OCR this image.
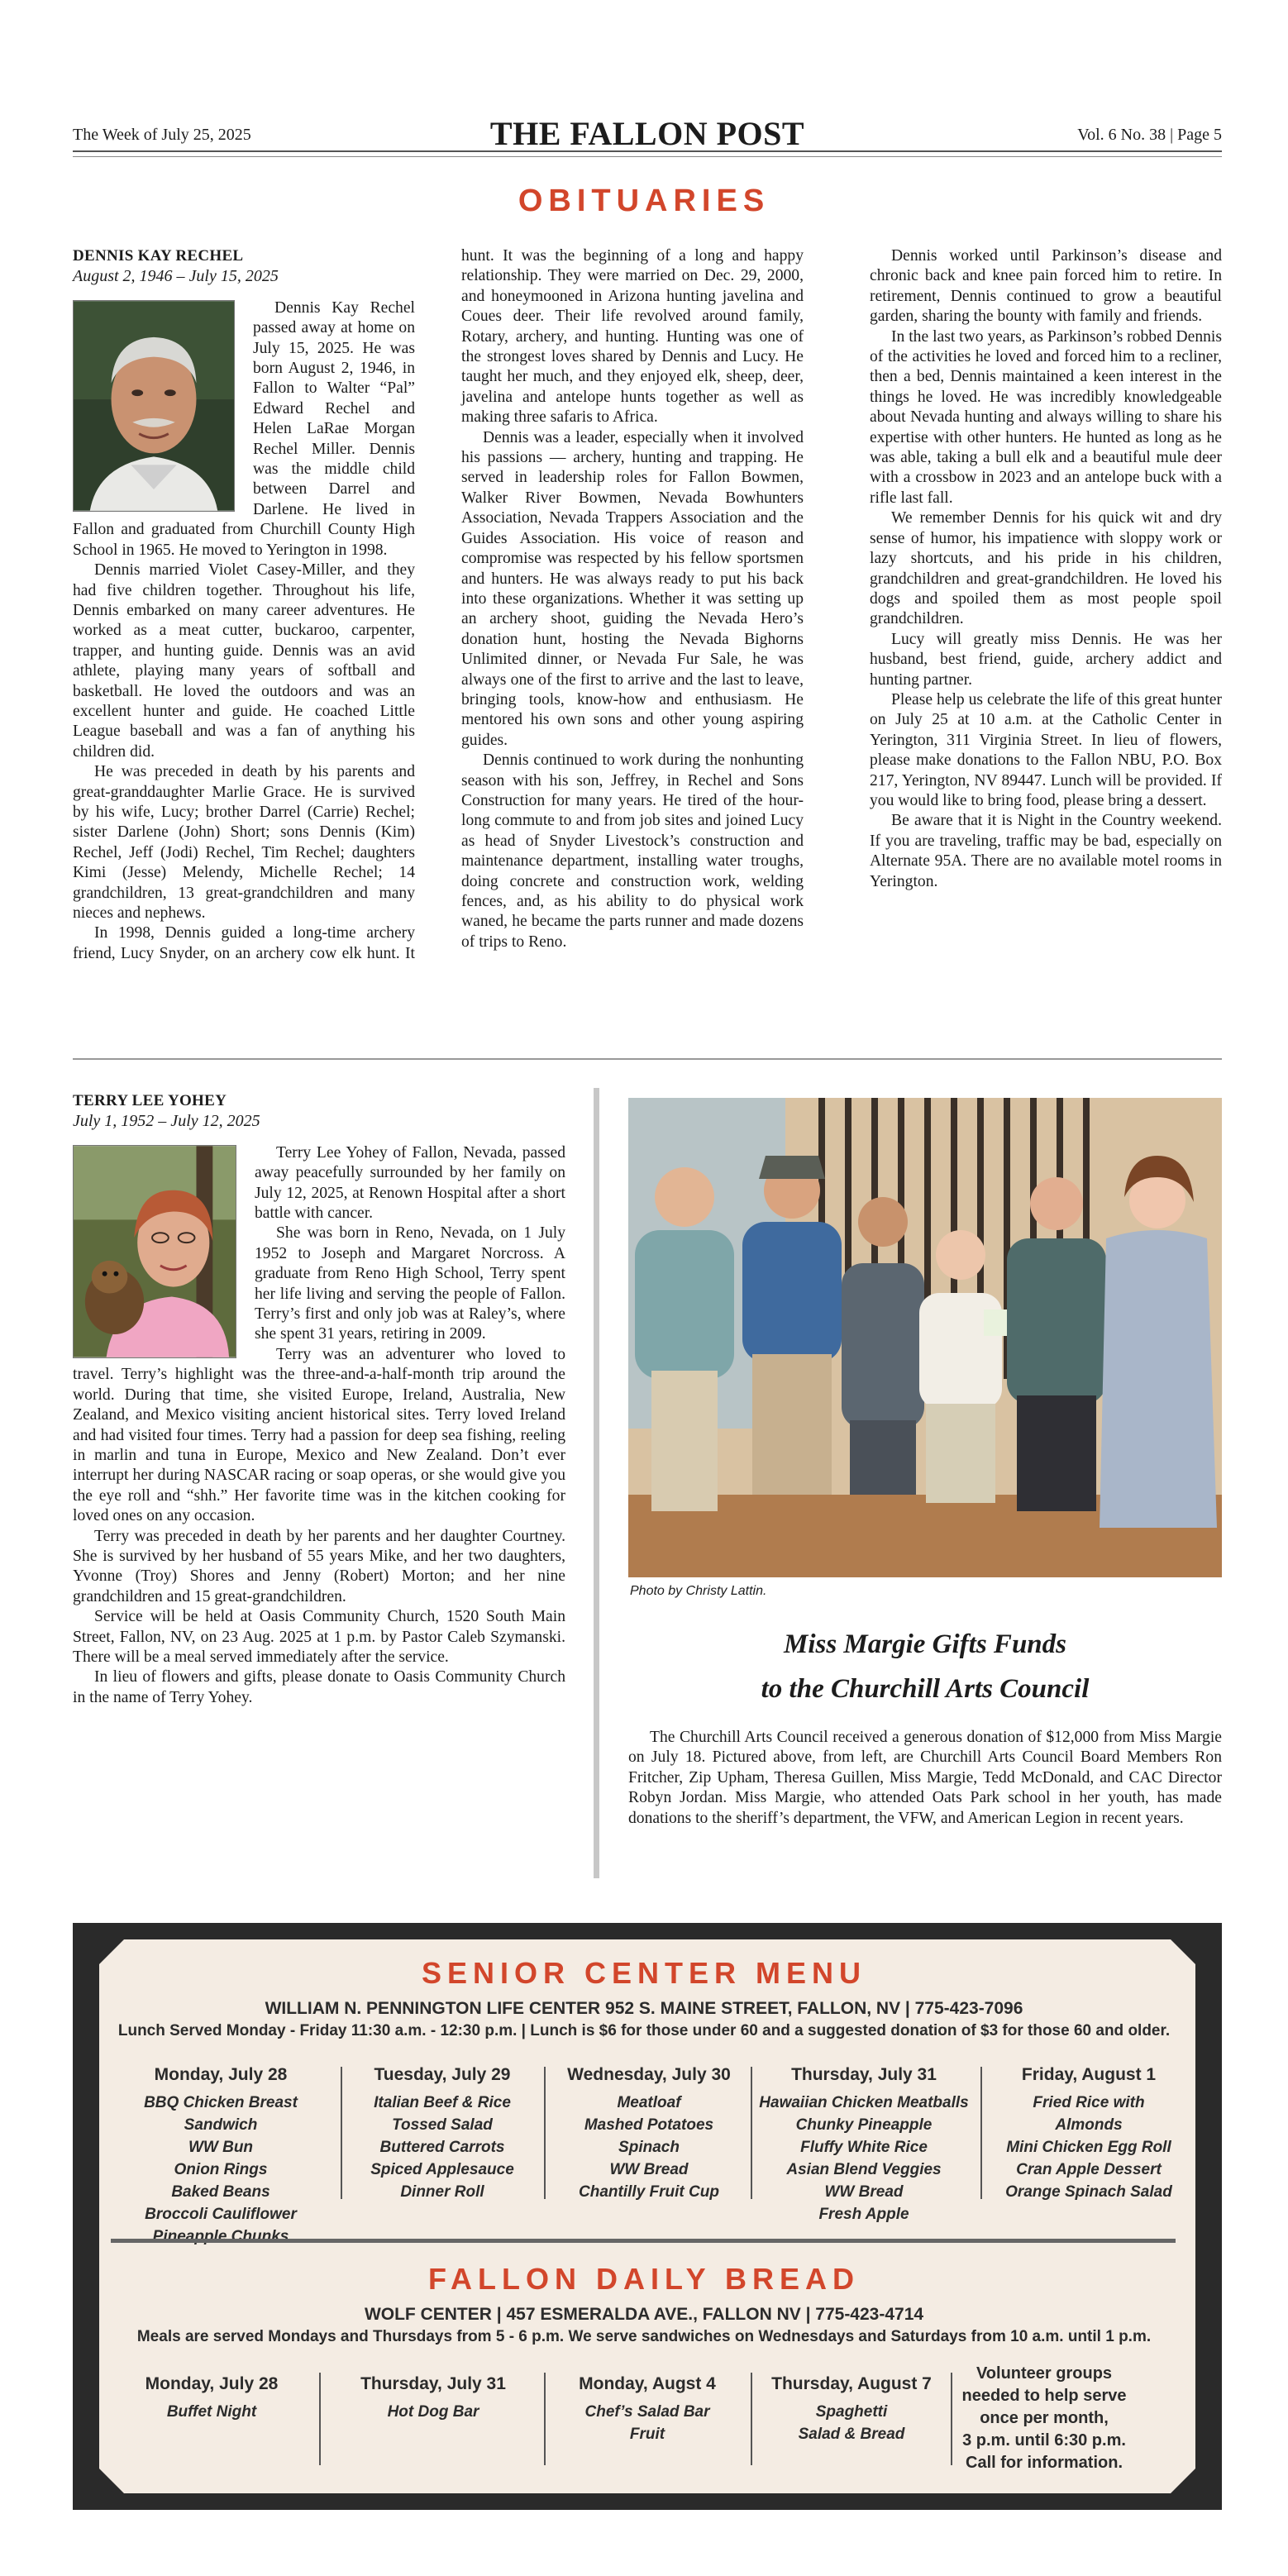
The Week of July 25, 2025	THE FALLON POST	Vol. 6 No. 38 | Page 5
OBITUARIES
DENNIS KAY RECHEL
August 2, 1946 – July 15, 2025

Dennis Kay Rechel passed away at home on July 15, 2025. He was born August 2, 1946, in Fallon to Walter “Pal” Edward Rechel and Helen LaRae Morgan Rechel Miller. Dennis was the middle child between Darrel and Darlene. He lived in Fallon and graduated from Churchill County High School in 1965. He moved to Yerington in 1998.

Dennis married Violet Casey-Miller, and they had five children together. Throughout his life, Dennis embarked on many career adventures. He worked as a meat cutter, buckaroo, carpenter, trapper, and hunting guide. Dennis was an avid athlete, playing many years of softball and basketball. He loved the outdoors and was an excellent hunter and guide. He coached Little League baseball and was a fan of anything his children did.

He was preceded in death by his parents and great-granddaughter Marlie Grace. He is survived by his wife, Lucy; brother Darrel (Carrie) Rechel; sister Darlene (John) Short; sons Dennis (Kim) Rechel, Jeff (Jodi) Rechel, Tim Rechel; daughters Kimi (Jesse) Melendy, Michelle Rechel; 14 grandchildren, 13 great-grandchildren and many nieces and nephews.

In 1998, Dennis guided a long-time archery friend, Lucy Snyder, on an archery cow elk hunt. It

hunt. It was the beginning of a long and happy relationship. They were married on Dec. 29, 2000, and honeymooned in Arizona hunting javelina and Coues deer. Their life revolved around family, Rotary, archery, and hunting. Hunting was one of the strongest loves shared by Dennis and Lucy. He taught her much, and they enjoyed elk, sheep, deer, javelina and antelope hunts together as well as making three safaris to Africa.

Dennis was a leader, especially when it involved his passions — archery, hunting and trapping. He served in leadership roles for Fallon Bowmen, Walker River Bowmen, Nevada Bowhunters Association, Nevada Trappers Association and the Guides Association. His voice of reason and compromise was respected by his fellow sportsmen and hunters. He was always ready to put his back into these organizations. Whether it was setting up an archery shoot, guiding the Nevada Hero’s donation hunt, hosting the Nevada Bighorns Unlimited dinner, or Nevada Fur Sale, he was always one of the first to arrive and the last to leave, bringing tools, know-how and enthusiasm. He mentored his own sons and other young aspiring guides.

Dennis continued to work during the nonhunting season with his son, Jeffrey, in Rechel and Sons Construction for many years. He tired of the hour-long commute to and from job sites and joined Lucy as head of Snyder Livestock’s construction and maintenance department, installing water troughs, doing concrete and construction work, welding fences, and, as his ability to do physical work waned, he became the parts runner and made dozens of trips to Reno.

Dennis worked until Parkinson’s disease and chronic back and knee pain forced him to retire. In retirement, Dennis continued to grow a beautiful garden, sharing the bounty with family and friends.

In the last two years, as Parkinson’s robbed Dennis of the activities he loved and forced him to a recliner, then a bed, Dennis maintained a keen interest in the things he loved. He was incredibly knowledgeable about Nevada hunting and always willing to share his expertise with other hunters. He hunted as long as he was able, taking a bull elk and a beautiful mule deer with a crossbow in 2023 and an antelope buck with a rifle last fall.

We remember Dennis for his quick wit and dry sense of humor, his impatience with sloppy work or lazy shortcuts, and his pride in his children, grandchildren and great-grandchildren. He loved his dogs and spoiled them as most people spoil grandchildren.

Lucy will greatly miss Dennis. He was her husband, best friend, guide, archery addict and hunting partner.

Please help us celebrate the life of this great hunter on July 25 at 10 a.m. at the Catholic Center in Yerington, 311 Virginia Street. In lieu of flowers, please make donations to the Fallon NBU, P.O. Box 217, Yerington, NV 89447. Lunch will be provided. If you would like to bring food, please bring a dessert.

Be aware that it is Night in the Country weekend. If you are traveling, traffic may be bad, especially on Alternate 95A. There are no available motel rooms in Yerington.

TERRY LEE YOHEY
July 1, 1952 – July 12, 2025

Terry Lee Yohey of Fallon, Nevada, passed away peacefully surrounded by her family on July 12, 2025, at Renown Hospital after a short battle with cancer.

She was born in Reno, Nevada, on 1 July 1952 to Joseph and Margaret Norcross. A graduate from Reno High School, Terry spent her life living and serving the people of Fallon. Terry’s first and only job was at Raley’s, where she spent 31 years, retiring in 2009.

Terry was an adventurer who loved to travel. Terry’s highlight was the three-and-a-half-month trip around the world. During that time, she visited Europe, Ireland, Australia, New Zealand, and Mexico visiting ancient historical sites. Terry loved Ireland and had visited four times. Terry had a passion for deep sea fishing, reeling in marlin and tuna in Europe, Mexico and New Zealand. Don’t ever interrupt her during NASCAR racing or soap operas, or she would give you the eye roll and “shh.” Her favorite time was in the kitchen cooking for loved ones on any occasion.

Terry was preceded in death by her parents and her daughter Courtney. She is survived by her husband of 55 years Mike, and her two daughters, Yvonne (Troy) Shores and Jenny (Robert) Morton; and her nine grandchildren and 15 great-grandchildren.

Service will be held at Oasis Community Church, 1520 South Main Street, Fallon, NV, on 23 Aug. 2025 at 1 p.m. by Pastor Caleb Szymanski. There will be a meal served immediately after the service.

In lieu of flowers and gifts, please donate to Oasis Community Church in the name of Terry Yohey.

Photo by Christy Lattin.
Miss Margie Gifts Funds
to the Churchill Arts Council

The Churchill Arts Council received a generous donation of $12,000 from Miss Margie on July 18. Pictured above, from left, are Churchill Arts Council Board Members Ron Fritcher, Zip Upham, Theresa Guillen, Miss Margie, Tedd McDonald, and CAC Director Robyn Jordan. Miss Margie, who attended Oats Park school in her youth, has made donations to the sheriff’s department, the VFW, and American Legion in recent years.

SENIOR CENTER MENU
WILLIAM N. PENNINGTON LIFE CENTER 952 S. MAINE STREET, FALLON, NV | 775-423-7096
Lunch Served Monday - Friday 11:30 a.m. - 12:30 p.m. | Lunch is $6 for those under 60 and a suggested donation of $3 for those 60 and older.
Monday, July 28
BBQ Chicken Breast Sandwich
WW Bun
Onion Rings
Baked Beans
Broccoli Cauliflower
Pineapple Chunks
Tuesday, July 29
Italian Beef & Rice
Tossed Salad
Buttered Carrots
Spiced Applesauce
Dinner Roll
Wednesday, July 30
Meatloaf
Mashed Potatoes
Spinach
WW Bread
Chantilly Fruit Cup
Thursday, July 31
Hawaiian Chicken Meatballs
Chunky Pineapple
Fluffy White Rice
Asian Blend Veggies
WW Bread
Fresh Apple
Friday, August 1
Fried Rice with
Almonds
Mini Chicken Egg Roll
Cran Apple Dessert
Orange Spinach Salad
FALLON DAILY BREAD
WOLF CENTER | 457 ESMERALDA AVE., FALLON NV | 775-423-4714
Meals are served Mondays and Thursdays from 5 - 6 p.m. We serve sandwiches on Wednesdays and Saturdays from 10 a.m. until 1 p.m.
Monday, July 28
Buffet Night
Thursday, July 31
Hot Dog Bar
Monday, Augst 4
Chef’s Salad Bar
Fruit
Thursday, August 7
Spaghetti
Salad & Bread
Volunteer groups
needed to help serve
once per month,
3 p.m. until 6:30 p.m.
Call for information.
